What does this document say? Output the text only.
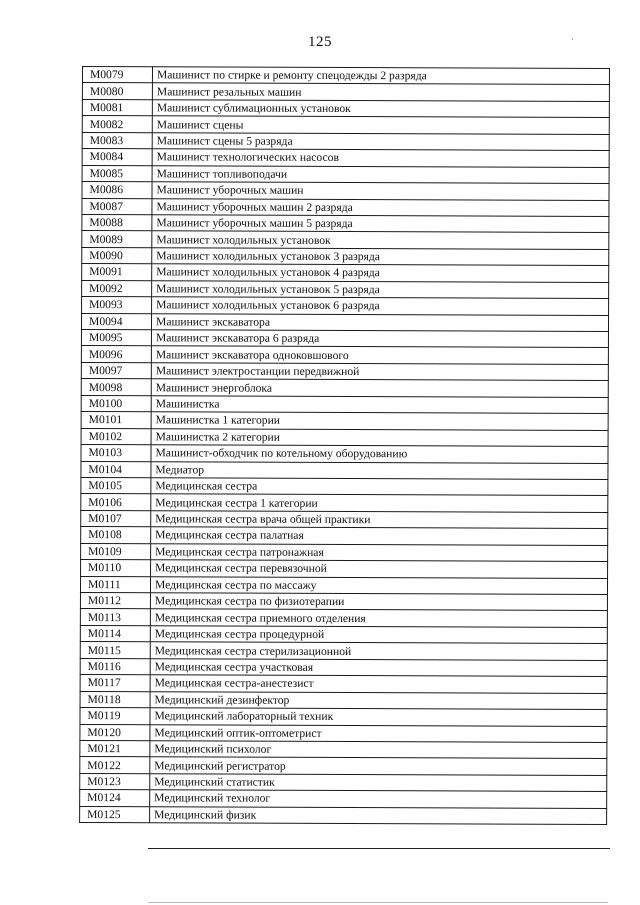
125	·
М0079	Машинист по стирке и ремонту спецодежды 2 разряда
М0080	Машинист резальных машин
М0081	Машинист сублимационных установок
М0082	Машинист сцены
М0083	Машинист сцены 5 разряда
М0084	Машинист технологических насосов
М0085	Машинист топливоподачи
М0086	Машинист уборочных машин
М0087	Машинист уборочных машин 2 разряда
М0088	Машинист уборочных машин 5 разряда
М0089	Машинист холодильных установок
М0090	Машинист холодильных установок 3 разряда
М0091	Машинист холодильных установок 4 разряда
М0092	Машинист холодильных установок 5 разряда
М0093	Машинист холодильных установок 6 разряда
М0094	Машинист экскаватора
М0095	Машинист экскаватора 6 разряда
М0096	Машинист экскаватора одноковшового
М0097	Машинист электростанции передвижной
М0098	Машинист энергоблока
М0100	Машинистка
М0101	Машинистка 1 категории
М0102	Машинистка 2 категории
М0103	Машинист-обходчик по котельному оборудованию
М0104	Медиатор
М0105	Медицинская сестра
М0106	Медицинская сестра 1 категории
М0107	Медицинская сестра врача общей практики
М0108	Медицинская сестра палатная
М0109	Медицинская сестра патронажная
М0110	Медицинская сестра перевязочной
М0111	Медицинская сестра по массажу
М0112	Медицинская сестра по физиотерапии
М0113	Медицинская сестра приемного отделения
М0114	Медицинская сестра процедурной
М0115	Медицинская сестра стерилизационной
М0116	Медицинская сестра участковая
М0117	Медицинская сестра-анестезист
М0118	Медицинский дезинфектор
М0119	Медицинский лабораторный техник
М0120	Медицинский оптик-оптометрист
М0121	Медицинский психолог
М0122	Медицинский регистратор
М0123	Медицинский статистик
М0124	Медицинский технолог
М0125	Медицинский физик
